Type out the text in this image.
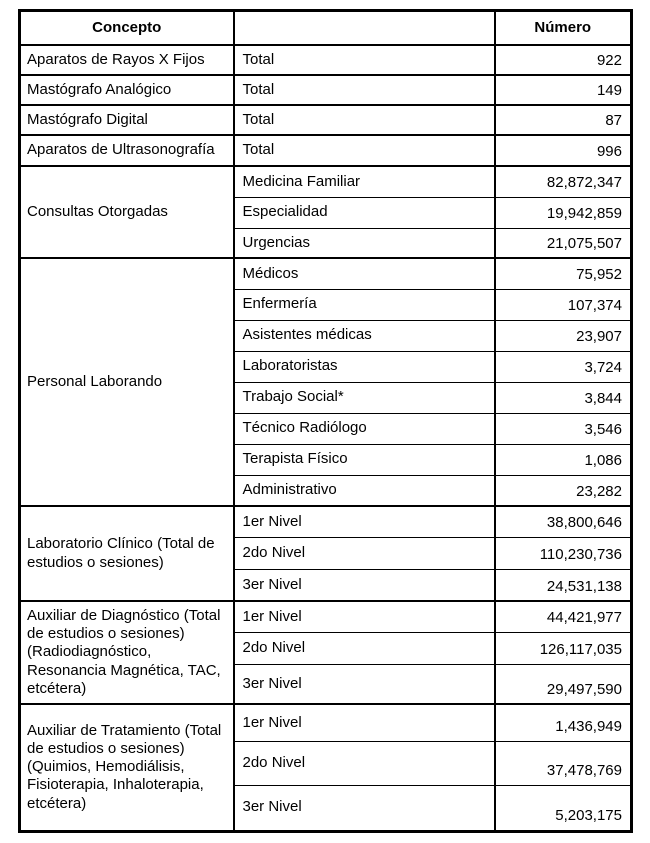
Concepto		Número
Aparatos de Rayos X Fijos	Total	922
Mastógrafo Analógico	Total	149
Mastógrafo Digital	Total	87
Aparatos de Ultrasonografía	Total	996
Consultas Otorgadas	Medicina Familiar	82,872,347
	Especialidad	19,942,859
	Urgencias	21,075,507
Personal Laborando	Médicos	75,952
	Enfermería	107,374
	Asistentes médicas	23,907
	Laboratoristas	3,724
	Trabajo Social*	3,844
	Técnico Radiólogo	3,546
	Terapista Físico	1,086
	Administrativo	23,282
Laboratorio Clínico (Total de estudios o sesiones)	1er Nivel	38,800,646
	2do Nivel	110,230,736
	3er Nivel	24,531,138
Auxiliar de Diagnóstico (Total de estudios o sesiones) (Radiodiagnóstico, Resonancia Magnética, TAC, etcétera)	1er Nivel	44,421,977
	2do Nivel	126,117,035
	3er Nivel	29,497,590
Auxiliar de Tratamiento (Total de estudios o sesiones) (Quimios, Hemodiálisis, Fisioterapia, Inhaloterapia, etcétera)	1er Nivel	1,436,949
	2do Nivel	37,478,769
	3er Nivel	5,203,175
